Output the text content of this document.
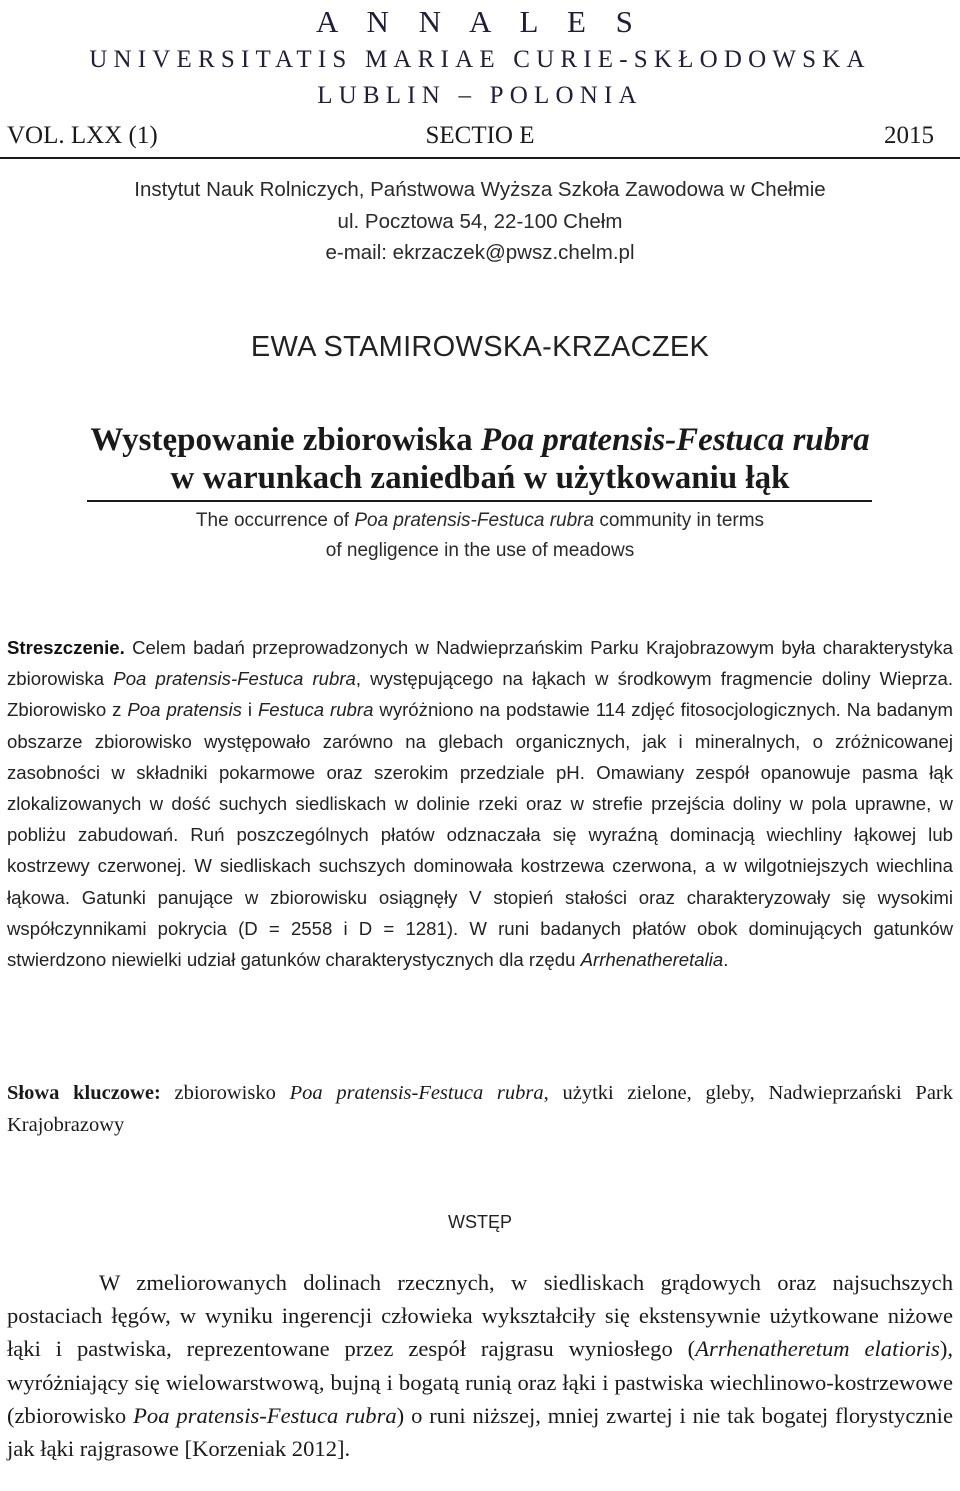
A N N A L E S
UNIVERSITATIS MARIAE CURIE-SKŁODOWSKA
LUBLIN – POLONIA
VOL. LXX (1)	SECTIO E	2015
Instytut Nauk Rolniczych, Państwowa Wyższa Szkoła Zawodowa w Chełmie
ul. Pocztowa 54, 22-100 Chełm
e-mail: ekrzaczek@pwsz.chelm.pl
EWA STAMIROWSKA-KRZACZEK
Występowanie zbiorowiska Poa pratensis-Festuca rubra
w warunkach zaniedbań w użytkowaniu łąk
The occurrence of Poa pratensis-Festuca rubra community in terms
of negligence in the use of meadows
Streszczenie. Celem badań przeprowadzonych w Nadwieprzańskim Parku Krajobrazowym była charakterystyka zbiorowiska Poa pratensis-Festuca rubra, występującego na łąkach w środkowym fragmencie doliny Wieprza. Zbiorowisko z Poa pratensis i Festuca rubra wyróżniono na podstawie 114 zdjęć fitosocjologicznych. Na badanym obszarze zbiorowisko występowało zarówno na glebach organicznych, jak i mineralnych, o zróżnicowanej zasobności w składniki pokarmowe oraz szerokim przedziale pH. Omawiany zespół opanowuje pasma łąk zlokalizowanych w dość suchych siedliskach w dolinie rzeki oraz w strefie przejścia doliny w pola uprawne, w pobliżu zabudowań. Ruń poszczególnych płatów odznaczała się wyraźną dominacją wiechliny łąkowej lub kostrzewy czerwonej. W siedliskach suchszych dominowała kostrzewa czerwona, a w wilgotniejszych wiechlina łąkowa. Gatunki panujące w zbiorowisku osiągnęły V stopień stałości oraz charakteryzowały się wysokimi współczynnikami pokrycia (D = 2558 i D = 1281). W runi badanych płatów obok dominujących gatunków stwierdzono niewielki udział gatunków charakterystycznych dla rzędu Arrhenatheretalia.
Słowa kluczowe: zbiorowisko Poa pratensis-Festuca rubra, użytki zielone, gleby, Nadwieprzański Park Krajobrazowy
WSTĘP
W zmeliorowanych dolinach rzecznych, w siedliskach grądowych oraz najsuchszych postaciach łęgów, w wyniku ingerencji człowieka wykształciły się ekstensywnie użytkowane niżowe łąki i pastwiska, reprezentowane przez zespół rajgrasu wyniosłego (Arrhenatheretum elatioris), wyróżniający się wielowarstwową, bujną i bogatą runią oraz łąki i pastwiska wiechlinowo-kostrzewowe (zbiorowisko Poa pratensis-Festuca rubra) o runi niższej, mniej zwartej i nie tak bogatej florystycznie jak łąki rajgrasowe [Korzeniak 2012].
